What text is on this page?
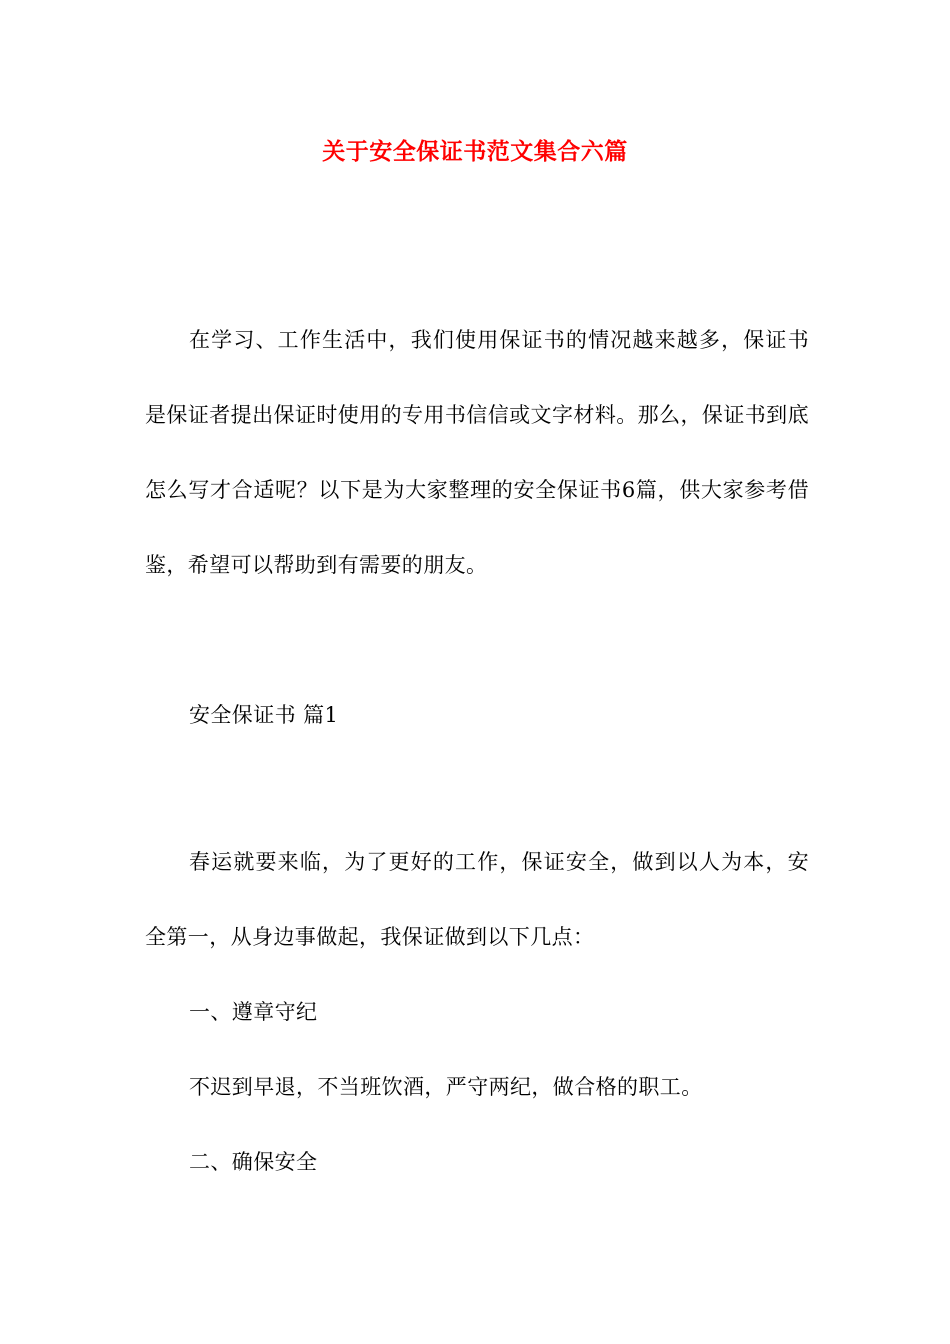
关于安全保证书范文集合六篇

在学习、工作生活中，我们使用保证书的情况越来越多，保证书是保证者提出保证时使用的专用书信信或文字材料。那么，保证书到底怎么写才合适呢？以下是为大家整理的安全保证书6篇，供大家参考借鉴，希望可以帮助到有需要的朋友。

安全保证书 篇1

春运就要来临，为了更好的工作，保证安全，做到以人为本，安全第一，从身边事做起，我保证做到以下几点：

一、遵章守纪

不迟到早退，不当班饮酒，严守两纪，做合格的职工。

二、确保安全
